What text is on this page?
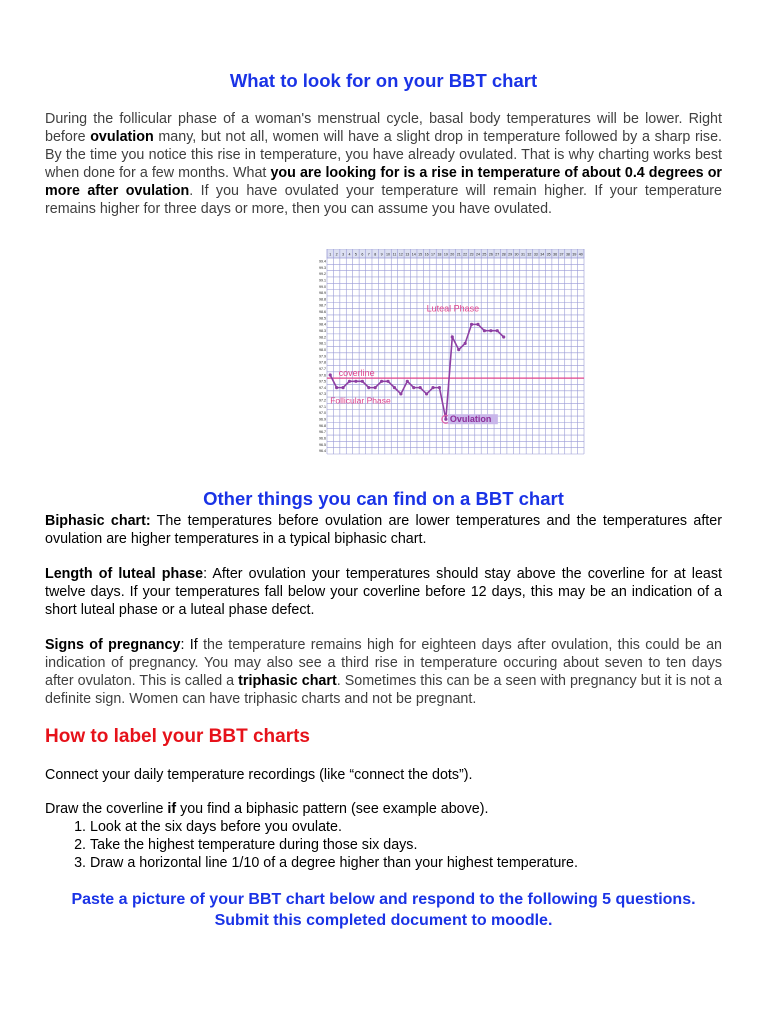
What to look for on your BBT chart

During the follicular phase of a woman's menstrual cycle, basal body temperatures will be lower. Right before ovulation many, but not all, women will have a slight drop in temperature followed by a sharp rise. By the time you notice this rise in temperature, you have already ovulated. That is why charting works best when done for a few months. What you are looking for is a rise in temperature of about 0.4 degrees or more after ovulation. If you have ovulated your temperature will remain higher. If your temperature remains higher for three days or more, then you can assume you have ovulated.

1 2 3 4 5 6 7 8 9 10 11 12 13 14 15 16 17 18 19 20 21 22 23 24 25 26 27 28 29 30 31 32 33 34 35 36 37 38 39 40
99.4
99.3
99.2
99.1
99.0
98.9
98.8
98.7
98.6
98.5
98.4
98.3
98.2
98.1
98.0
97.9
97.8
97.7
97.6
97.5
97.4
97.3
97.2
97.1
97.0
96.9
96.8
96.7
96.6
96.5
96.4
Luteal Phase
coverline
Follicular Phase
Ovulation
Other things you can find on a BBT chart

Biphasic chart: The temperatures before ovulation are lower temperatures and the temperatures after ovulation are higher temperatures in a typical biphasic chart.

Length of luteal phase: After ovulation your temperatures should stay above the coverline for at least twelve days. If your temperatures fall below your coverline before 12 days, this may be an indication of a short luteal phase or a luteal phase defect.

Signs of pregnancy: If the temperature remains high for eighteen days after ovulation, this could be an indication of pregnancy. You may also see a third rise in temperature occuring about seven to ten days after ovulaton. This is called a triphasic chart. Sometimes this can be a seen with pregnancy but it is not a definite sign. Women can have triphasic charts and not be pregnant.

How to label your BBT charts

Connect your daily temperature recordings (like “connect the dots”).

Draw the coverline if you find a biphasic pattern (see example above).

1. Look at the six days before you ovulate.
2. Take the highest temperature during those six days.
3. Draw a horizontal line 1/10 of a degree higher than your highest temperature.
Paste a picture of your BBT chart below and respond to the following 5 questions. Submit this completed document to moodle.
